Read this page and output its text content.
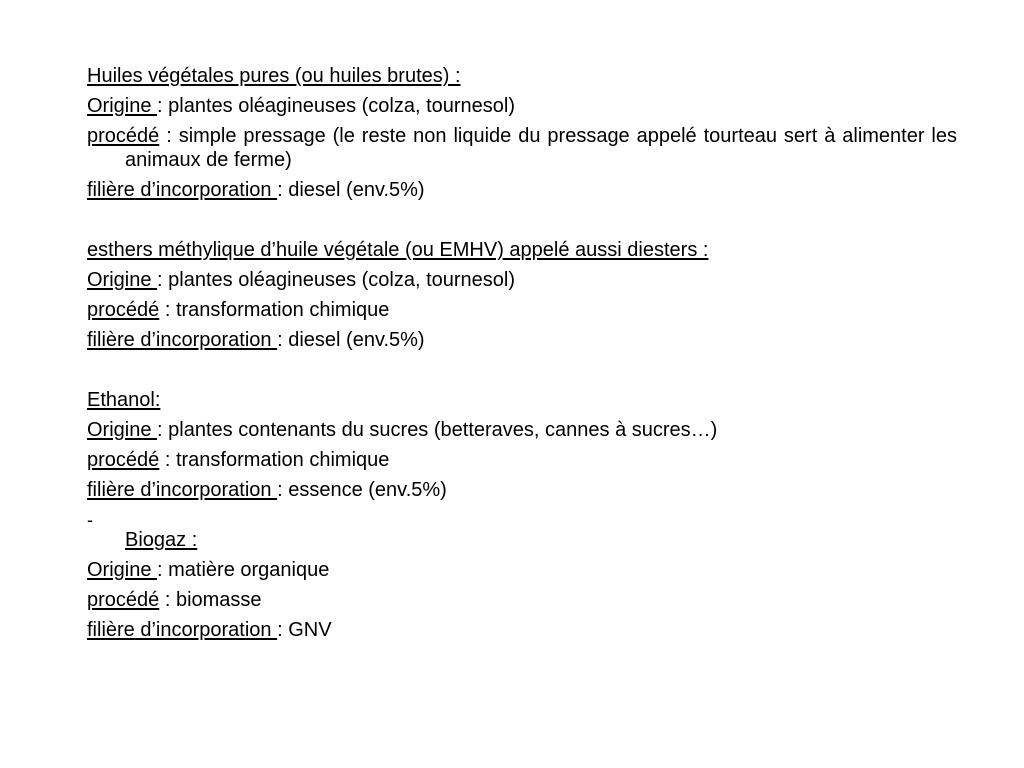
Huiles végétales pures (ou huiles brutes) :

Origine : plantes oléagineuses (colza, tournesol)

procédé : simple pressage (le reste non liquide du pressage appelé tourteau sert à alimenter les animaux de ferme)

filière d’incorporation : diesel (env.5%)

esthers méthylique d’huile végétale (ou EMHV) appelé aussi diesters :

Origine : plantes oléagineuses (colza, tournesol)

procédé : transformation chimique

filière d’incorporation : diesel (env.5%)

Ethanol:

Origine : plantes contenants du sucres (betteraves, cannes à sucres…)

procédé : transformation chimique

filière d’incorporation : essence (env.5%)

-

Biogaz :

Origine : matière organique

procédé : biomasse

filière d’incorporation : GNV
